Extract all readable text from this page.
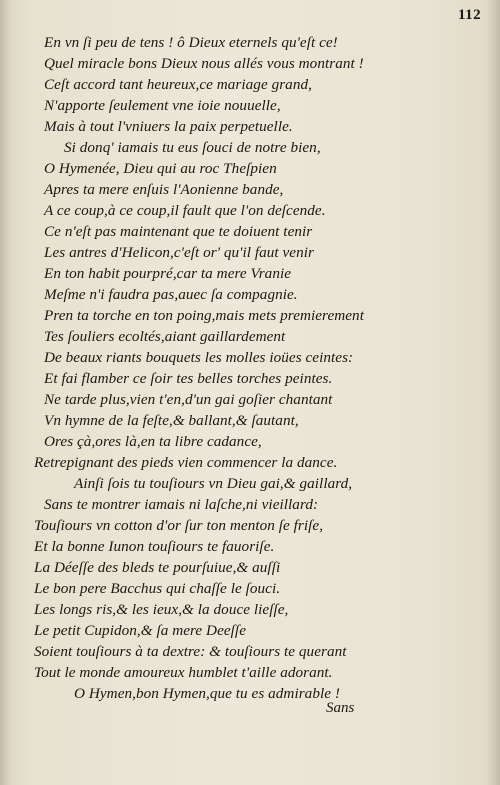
112
En vn ſi peu de tens ! ô Dieux eternels qu'eſt ce!
Quel miracle bons Dieux nous allés vous montrant !
Ceſt accord tant heureux,ce mariage grand,
N'apporte ſeulement vne ioie nouuelle,
Mais à tout l'vniuers la paix perpetuelle.
Si donq' iamais tu eus ſouci de notre bien,
O Hymenée, Dieu qui au roc Theſpien
Apres ta mere enſuis l'Aonienne bande,
A ce coup,à ce coup,il fault que l'on deſcende.
Ce n'eſt pas maintenant que te doiuent tenir
Les antres d'Helicon,c'eſt or' qu'il faut venir
En ton habit pourpré,car ta mere Vranie
Meſme n'i faudra pas,auec ſa compagnie.
Pren ta torche en ton poing,mais mets premierement
Tes ſouliers ecoltés,aiant gaillardement
De beaux riants bouquets les molles ioües ceintes:
Et fai flamber ce ſoir tes belles torches peintes.
Ne tarde plus,vien t'en,d'un gai goſier chantant
Vn hymne de la feſte,& ballant,& ſautant,
Ores çà,ores là,en ta libre cadance,
Retrepignant des pieds vien commencer la dance.
Ainſi ſois tu touſiours vn Dieu gai,& gaillard,
Sans te montrer iamais ni laſche,ni vieillard:
Touſiours vn cotton d'or ſur ton menton ſe friſe,
Et la bonne Iunon touſiours te fauoriſe.
La Déeſſe des bleds te pourſuiue,& auſſi
Le bon pere Bacchus qui chaſſe le ſouci.
Les longs ris,& les ieux,& la douce lieſſe,
Le petit Cupidon,& ſa mere Deeſſe
Soient touſiours à ta dextre: & touſiours te querant
Tout le monde amoureux humblet t'aille adorant.
O Hymen,bon Hymen,que tu es admirable !
Sans
